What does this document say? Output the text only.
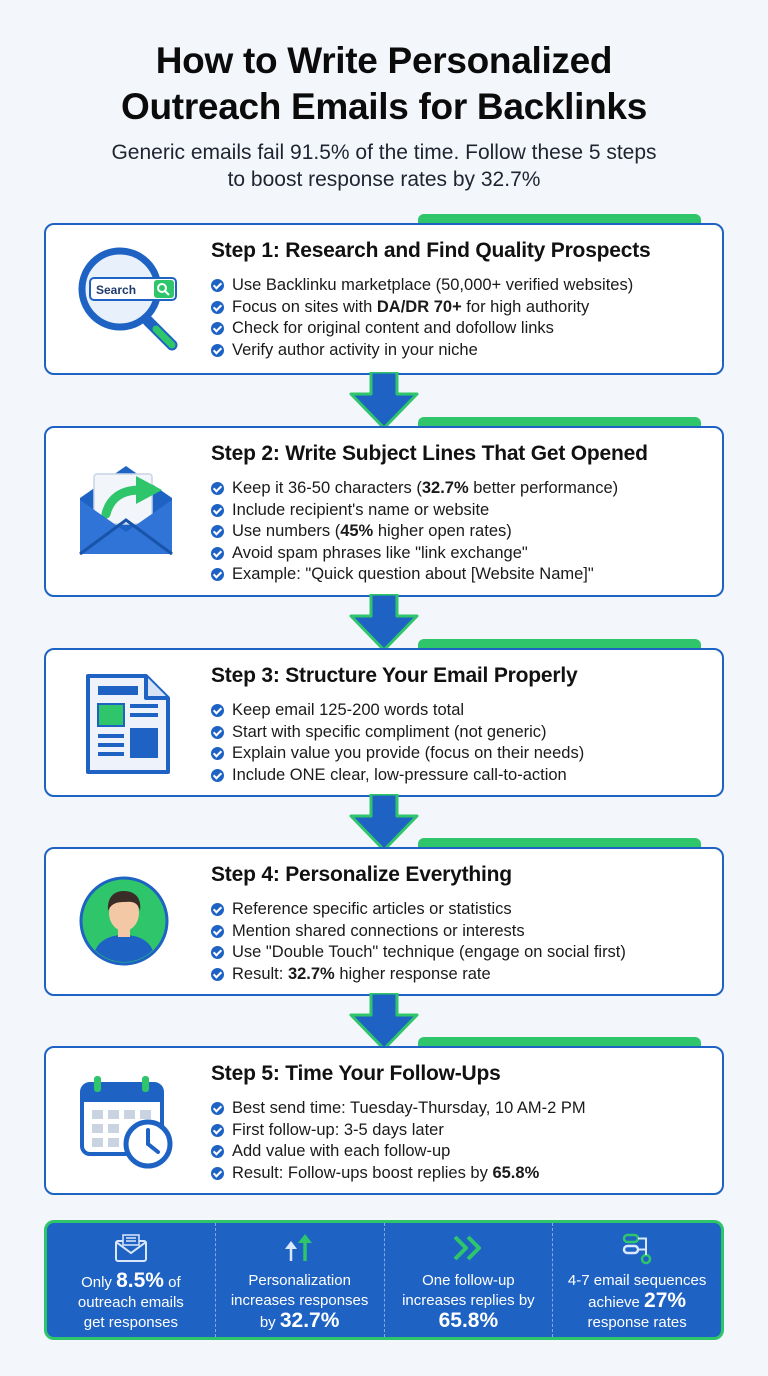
How to Write Personalized
Outreach Emails for Backlinks
Generic emails fail 91.5% of the time. Follow these 5 steps
to boost response rates by 32.7%
Search
Step 1: Research and Find Quality Prospects
Use Backlinku marketplace (50,000+ verified websites)
Focus on sites with DA/DR 70+ for high authority
Check for original content and dofollow links
Verify author activity in your niche
Step 2: Write Subject Lines That Get Opened
Keep it 36-50 characters (32.7% better performance)
Include recipient's name or website
Use numbers (45% higher open rates)
Avoid spam phrases like "link exchange"
Example: "Quick question about [Website Name]"
Step 3: Structure Your Email Properly
Keep email 125-200 words total
Start with specific compliment (not generic)
Explain value you provide (focus on their needs)
Include ONE clear, low-pressure call-to-action
Step 4: Personalize Everything
Reference specific articles or statistics
Mention shared connections or interests
Use "Double Touch" technique (engage on social first)
Result: 32.7% higher response rate
Step 5: Time Your Follow-Ups
Best send time: Tuesday-Thursday, 10 AM-2 PM
First follow-up: 3-5 days later
Add value with each follow-up
Result: Follow-ups boost replies by 65.8%
Only 8.5% of
outreach emails
get responses
Personalization
increases responses
by 32.7%
One follow-up
increases replies by
65.8%
4-7 email sequences
achieve 27%
response rates
